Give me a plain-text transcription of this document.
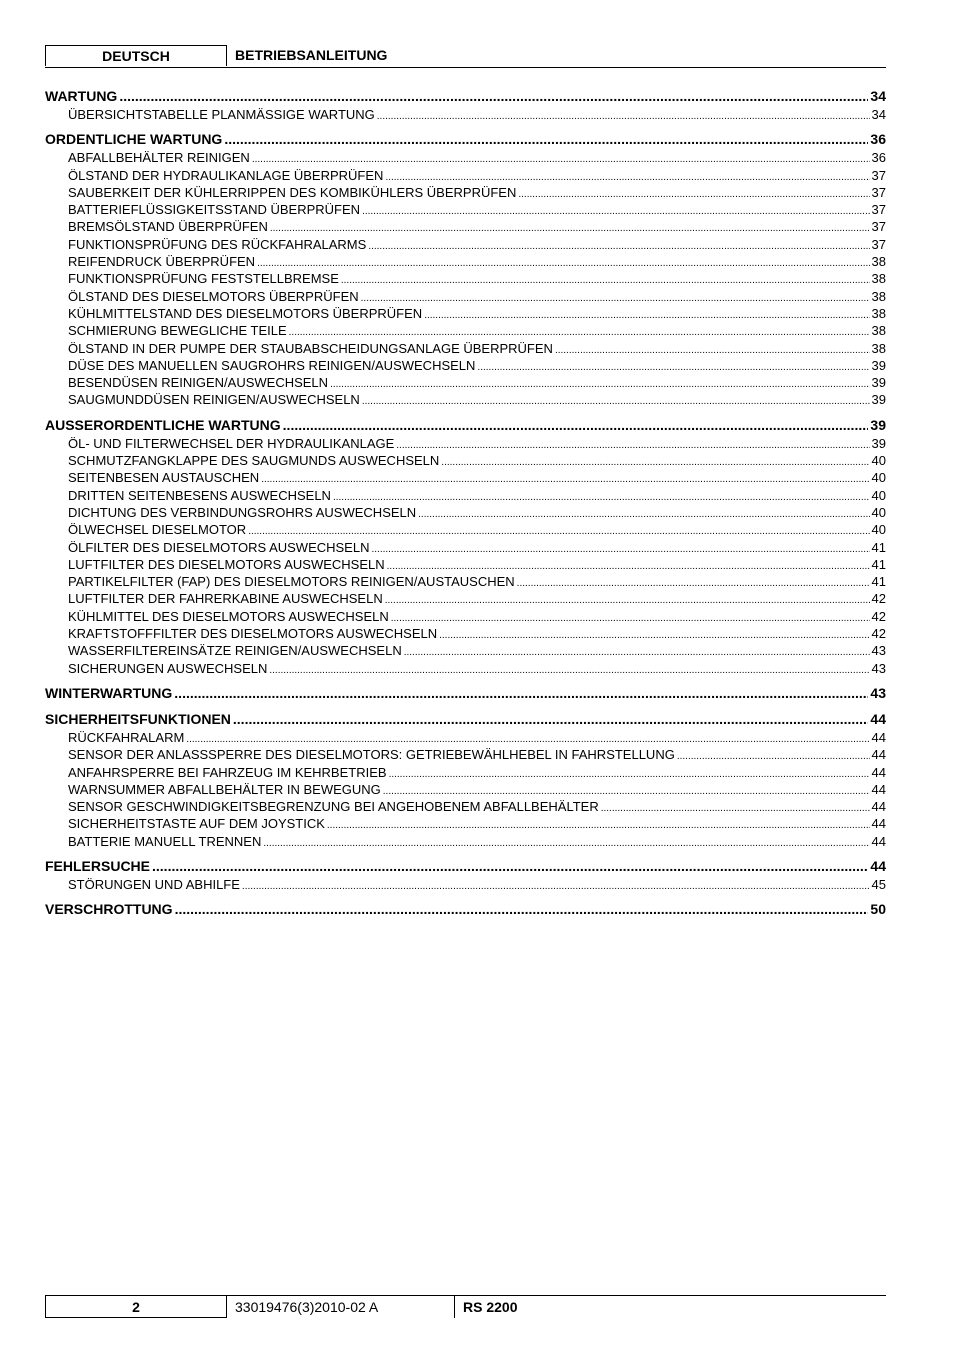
DEUTSCH	BETRIEBSANLEITUNG
WARTUNG .....	34
ÜBERSICHTSTABELLE PLANMÄSSIGE WARTUNG .....	34
ORDENTLICHE WARTUNG .....	36
ABFALLBEHÄLTER REINIGEN .....	36
ÖLSTAND DER HYDRAULIKANLAGE ÜBERPRÜFEN .....	37
SAUBERKEIT DER KÜHLERRIPPEN DES KOMBIKÜHLERS ÜBERPRÜFEN .....	37
BATTERIEFLÜSSIGKEITSSTAND ÜBERPRÜFEN .....	37
BREMSÖLSTAND ÜBERPRÜFEN .....	37
FUNKTIONSPRÜFUNG DES RÜCKFAHRALARMS .....	37
REIFENDRUCK ÜBERPRÜFEN .....	38
FUNKTIONSPRÜFUNG FESTSTELLBREMSE .....	38
ÖLSTAND DES DIESELMOTORS ÜBERPRÜFEN .....	38
KÜHLMITTELSTAND DES DIESELMOTORS ÜBERPRÜFEN .....	38
SCHMIERUNG BEWEGLICHE TEILE .....	38
ÖLSTAND IN DER PUMPE DER STAUBABSCHEIDUNGSANLAGE ÜBERPRÜFEN .....	38
DÜSE DES MANUELLEN SAUGROHRS REINIGEN/AUSWECHSELN .....	39
BESENDÜSEN REINIGEN/AUSWECHSELN .....	39
SAUGMUNDDÜSEN REINIGEN/AUSWECHSELN .....	39
AUSSERORDENTLICHE WARTUNG .....	39
ÖL- UND FILTERWECHSEL DER HYDRAULIKANLAGE .....	39
SCHMUTZFANGKLAPPE DES SAUGMUNDS AUSWECHSELN .....	40
SEITENBESEN AUSTAUSCHEN .....	40
DRITTEN SEITENBESENS AUSWECHSELN .....	40
DICHTUNG DES VERBINDUNGSROHRS AUSWECHSELN .....	40
ÖLWECHSEL DIESELMOTOR .....	40
ÖLFILTER DES DIESELMOTORS AUSWECHSELN .....	41
LUFTFILTER DES DIESELMOTORS AUSWECHSELN .....	41
PARTIKELFILTER (FAP) DES DIESELMOTORS REINIGEN/AUSTAUSCHEN .....	41
LUFTFILTER DER FAHRERKABINE AUSWECHSELN .....	42
KÜHLMITTEL DES DIESELMOTORS AUSWECHSELN .....	42
KRAFTSTOFFFILTER DES DIESELMOTORS AUSWECHSELN .....	42
WASSERFILTEREINSÄTZE REINIGEN/AUSWECHSELN .....	43
SICHERUNGEN AUSWECHSELN .....	43
WINTERWARTUNG .....	43
SICHERHEITSFUNKTIONEN .....	44
RÜCKFAHRALARM .....	44
SENSOR DER ANLASSSPERRE DES DIESELMOTORS: GETRIEBEWÄHLHEBEL IN FAHRSTELLUNG .....	44
ANFAHRSPERRE BEI FAHRZEUG IM KEHRBETRIEB .....	44
WARNSUMMER ABFALLBEHÄLTER IN BEWEGUNG .....	44
SENSOR GESCHWINDIGKEITSBEGRENZUNG BEI ANGEHOBENEM ABFALLBEHÄLTER .....	44
SICHERHEITSTASTE AUF DEM JOYSTICK .....	44
BATTERIE MANUELL TRENNEN .....	44
FEHLERSUCHE .....	44
STÖRUNGEN UND ABHILFE .....	45
VERSCHROTTUNG .....	50
2	33019476(3)2010-02 A	RS 2200
